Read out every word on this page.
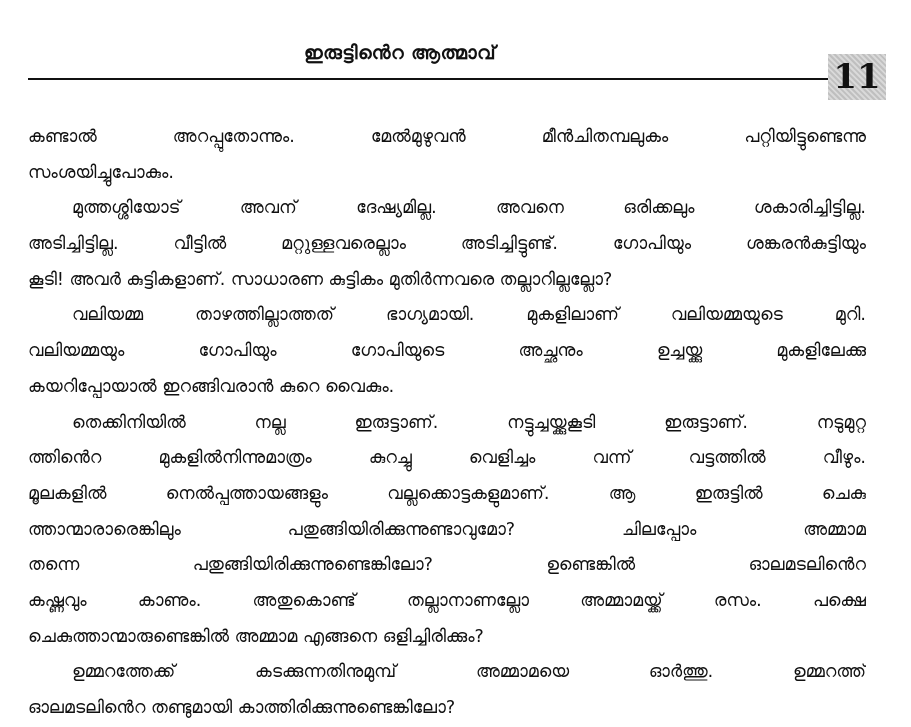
ഇരുട്ടിൻെറ ആത്മാവ്
11
കണ്ടാൽ അറപ്പുതോന്നും. മേൽമുഴുവൻ മീൻചിതമ്പലുകം പറ്റിയിട്ടുണ്ടെന്നു
സംശയിച്ചുപോകും.
മുത്തശ്ശിയോട് അവന് ദേഷ്യമില്ല. അവനെ ഒരിക്കലും ശകാരിച്ചിട്ടില്ല.
അടിച്ചിട്ടില്ല. വീട്ടിൽ മറ്റുള്ളവരെല്ലാം അടിച്ചിട്ടുണ്ട്. ഗോപിയും ശങ്കരൻകുട്ടിയും
കൂടി! അവർ കുട്ടികളാണ്. സാധാരണ കുട്ടികം മുതിർന്നവരെ തല്ലാറില്ലല്ലോ?
വലിയമ്മ താഴത്തില്ലാത്തത് ഭാഗ്യമായി. മുകളിലാണ് വലിയമ്മയുടെ മുറി.
വലിയമ്മയും ഗോപിയും ഗോപിയുടെ അച്ഛനും ഉച്ചയ്ക്കു മുകളിലേക്കു
കയറിപ്പോയാൽ ഇറങ്ങിവരാൻ കുറെ വൈകും.
തെക്കിനിയിൽ നല്ല ഇരുട്ടാണ്. നട്ടുച്ചയ്ക്കുകൂടി ഇരുട്ടാണ്. നടുമുറ്റ
ത്തിൻെറ മുകളിൽനിന്നുമാത്രം കുറച്ചു വെളിച്ചം വന്ന് വട്ടത്തിൽ വീഴും.
മൂലകളിൽ നെൽപ്പത്തായങ്ങളും വല്ലക്കൊട്ടകളുമാണ്. ആ ഇരുട്ടിൽ ചെകു
ത്താന്മാരാരെങ്കിലും പതുങ്ങിയിരിക്കുന്നുണ്ടാവുമോ? ചിലപ്പോം അമ്മാമ
തന്നെ പതുങ്ങിയിരിക്കുന്നുണ്ടെങ്കിലോ? ഉണ്ടെങ്കിൽ ഓലമടലിൻെറ
കഷ്ണവും കാണും. അതുകൊണ്ട് തല്ലാനാണല്ലോ അമ്മാമയ്ക്ക് രസം. പക്ഷെ
ചെകുത്താന്മാരുണ്ടെങ്കിൽ അമ്മാമ എങ്ങനെ ഒളിച്ചിരിക്കും?
ഉമ്മറത്തേക്ക് കടക്കുന്നതിനുമുമ്പ് അമ്മാമയെ ഓർത്തു. ഉമ്മറത്ത്
ഓലമടലിൻെറ തണ്ടുമായി കാത്തിരിക്കുന്നുണ്ടെങ്കിലോ?
